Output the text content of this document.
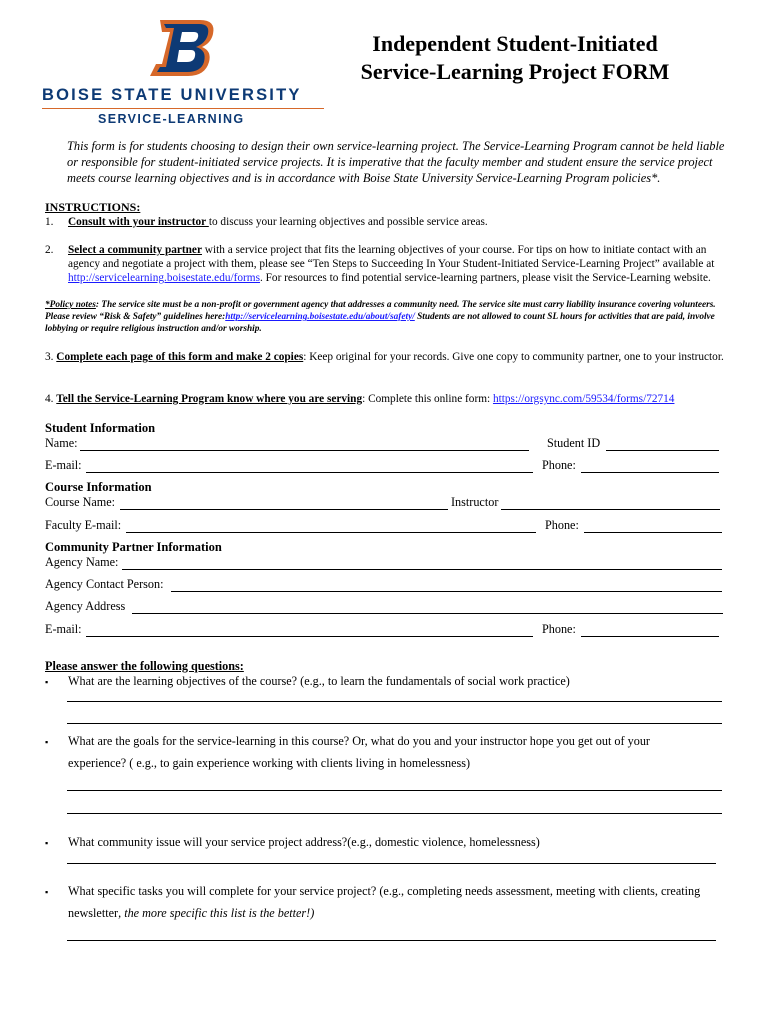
BOISE STATE UNIVERSITY
SERVICE-LEARNING
Independent Student-Initiated
Service-Learning Project FORM
This form is for students choosing to design their own service-learning project. The Service-Learning Program cannot be held liable or responsible for student-initiated service projects. It is imperative that the faculty member and student ensure the service project meets course learning objectives and is in accordance with Boise State University Service-Learning Program policies*.
INSTRUCTIONS:
1. Consult with your instructor to discuss your learning objectives and possible service areas.
2. Select a community partner with a service project that fits the learning objectives of your course. For tips on how to initiate contact with an agency and negotiate a project with them, please see “Ten Steps to Succeeding In Your Student-Initiated Service-Learning Project” available at http://servicelearning.boisestate.edu/forms. For resources to find potential service-learning partners, please visit the Service-Learning website.
*Policy notes: The service site must be a non-profit or government agency that addresses a community need. The service site must carry liability insurance covering volunteers. Please review “Risk & Safety” guidelines here:http://servicelearning.boisestate.edu/about/safety/ Students are not allowed to count SL hours for activities that are paid, involve lobbying or require religious instruction and/or worship.
3. Complete each page of this form and make 2 copies: Keep original for your records. Give one copy to community partner, one to your instructor.
4. Tell the Service-Learning Program know where you are serving: Complete this online form: https://orgsync.com/59534/forms/72714
Student Information
Name:	Student ID
E-mail:	Phone:
Course Information
Course Name:	Instructor
Faculty E-mail:	Phone:
Community Partner Information
Agency Name:
Agency Contact Person:
Agency Address
E-mail:	Phone:
Please answer the following questions:
▪ What are the learning objectives of the course? (e.g., to learn the fundamentals of social work practice)
▪ What are the goals for the service-learning in this course? Or, what do you and your instructor hope you get out of your
experience? ( e.g., to gain experience working with clients living in homelessness)
▪ What community issue will your service project address?(e.g., domestic violence, homelessness)
▪ What specific tasks you will complete for your service project? (e.g., completing needs assessment, meeting with clients, creating
newsletter, the more specific this list is the better!)
